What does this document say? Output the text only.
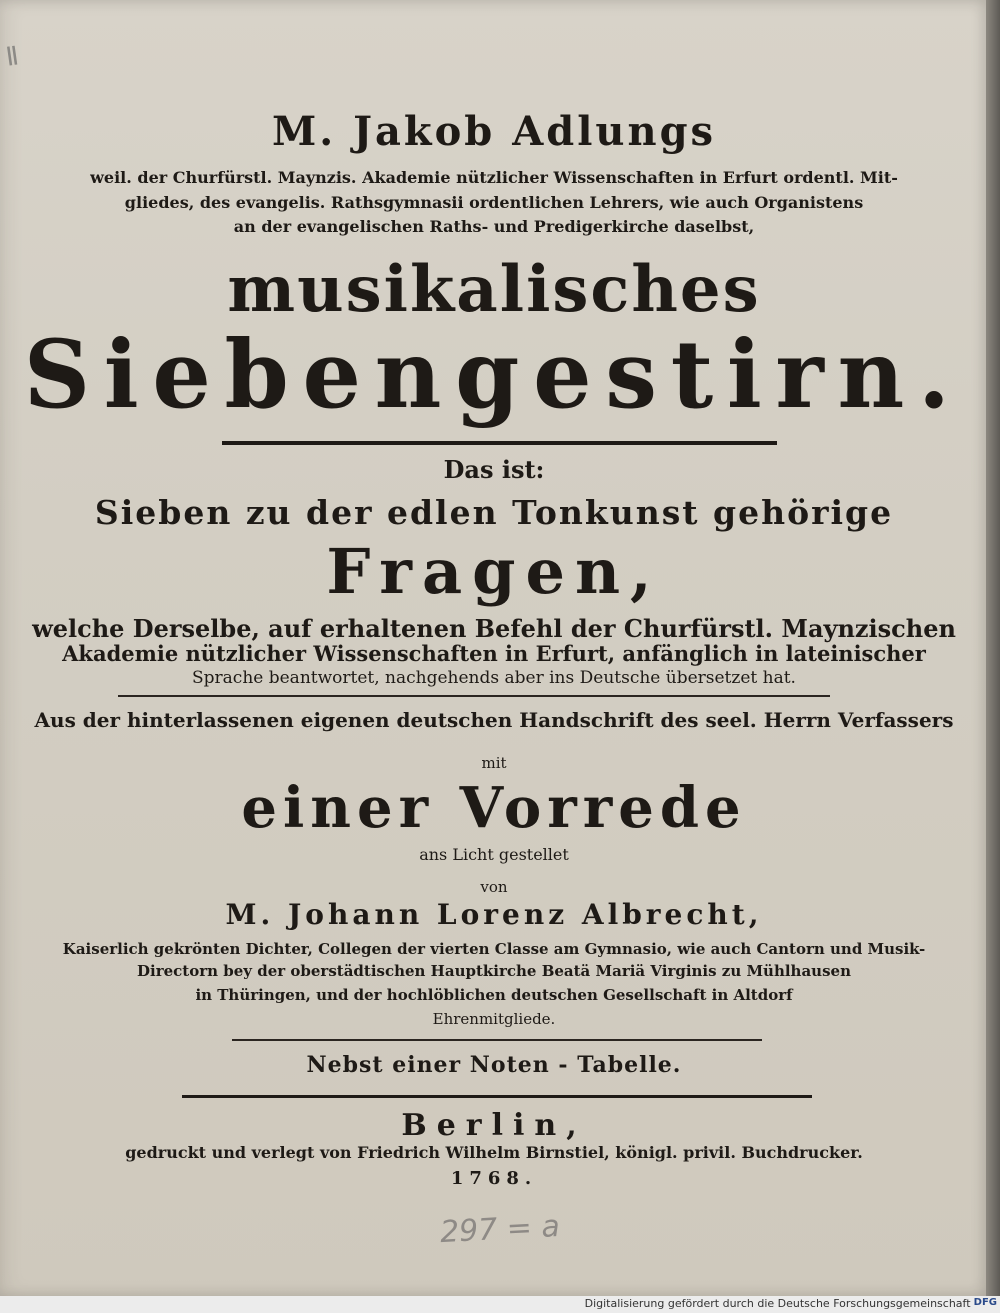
Ⅱ
M. Jakob Adlungs
weil. der Churfürstl. Maynzis. Akademie nützlicher Wissenschaften in Erfurt ordentl. Mit-
gliedes, des evangelis. Rathsgymnasii ordentlichen Lehrers, wie auch Organistens
an der evangelischen Raths- und Predigerkirche daselbst,
musikalisches
Siebengestirn.
Das ist:
Sieben zu der edlen Tonkunst gehörige
Fragen,
welche Derselbe, auf erhaltenen Befehl der Churfürstl. Maynzischen
Akademie nützlicher Wissenschaften in Erfurt, anfänglich in lateinischer
Sprache beantwortet, nachgehends aber ins Deutsche übersetzet hat.
Aus der hinterlassenen eigenen deutschen Handschrift des seel. Herrn Verfassers
mit
einer Vorrede
ans Licht gestellet
von
M. Johann Lorenz Albrecht,
Kaiserlich gekrönten Dichter, Collegen der vierten Classe am Gymnasio, wie auch Cantorn und Musik-
Directorn bey der oberstädtischen Hauptkirche Beatä Mariä Virginis zu Mühlhausen
in Thüringen, und der hochlöblichen deutschen Gesellschaft in Altdorf
Ehrenmitgliede.
Nebst einer Noten - Tabelle.
Berlin,
gedruckt und verlegt von Friedrich Wilhelm Birnstiel, königl. privil. Buchdrucker.
1768.
297 = a
Digitalisierung gefördert durch die Deutsche Forschungsgemeinschaft -
DFG
